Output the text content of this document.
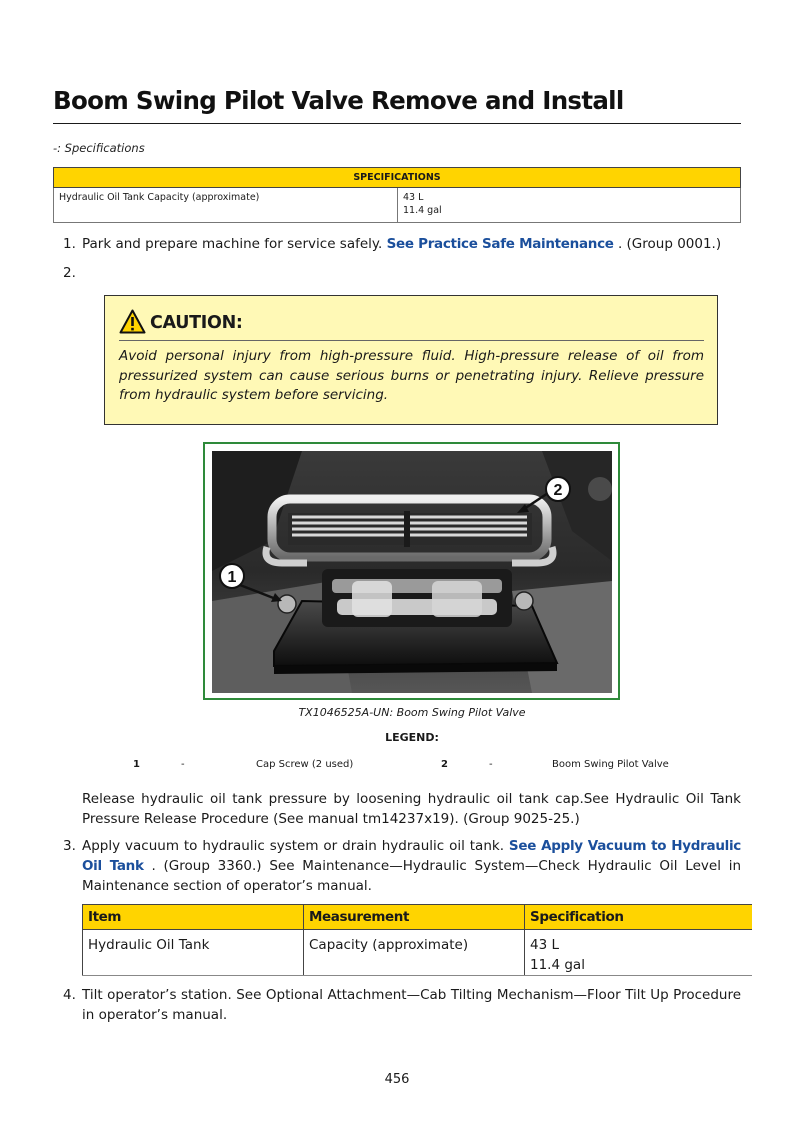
Boom Swing Pilot Valve Remove and Install
-: Specifications
SPECIFICATIONS
Hydraulic Oil Tank Capacity (approximate)	43 L
11.4 gal
1. Park and prepare machine for service safely. See Practice Safe Maintenance . (Group 0001.)
2.
CAUTION:
Avoid personal injury from high-pressure fluid. High-pressure release of oil from pressurized system can cause serious burns or penetrating injury. Relieve pressure from hydraulic system before servicing.
1
2
TX1046525A-UN: Boom Swing Pilot Valve
LEGEND:
1	-	Cap Screw (2 used)	2	-	Boom Swing Pilot Valve
Release hydraulic oil tank pressure by loosening hydraulic oil tank cap.See Hydraulic Oil Tank Pressure Release Procedure (See manual tm14237x19). (Group 9025-25.)
3. Apply vacuum to hydraulic system or drain hydraulic oil tank. See Apply Vacuum to Hydraulic Oil Tank . (Group 3360.) See Maintenance—Hydraulic System—Check Hydraulic Oil Level in Maintenance section of operator’s manual.
Item	Measurement	Specification
Hydraulic Oil Tank	Capacity (approximate)	43 L
11.4 gal
4. Tilt operator’s station. See Optional Attachment—Cab Tilting Mechanism—Floor Tilt Up Procedure in operator’s manual.
456
